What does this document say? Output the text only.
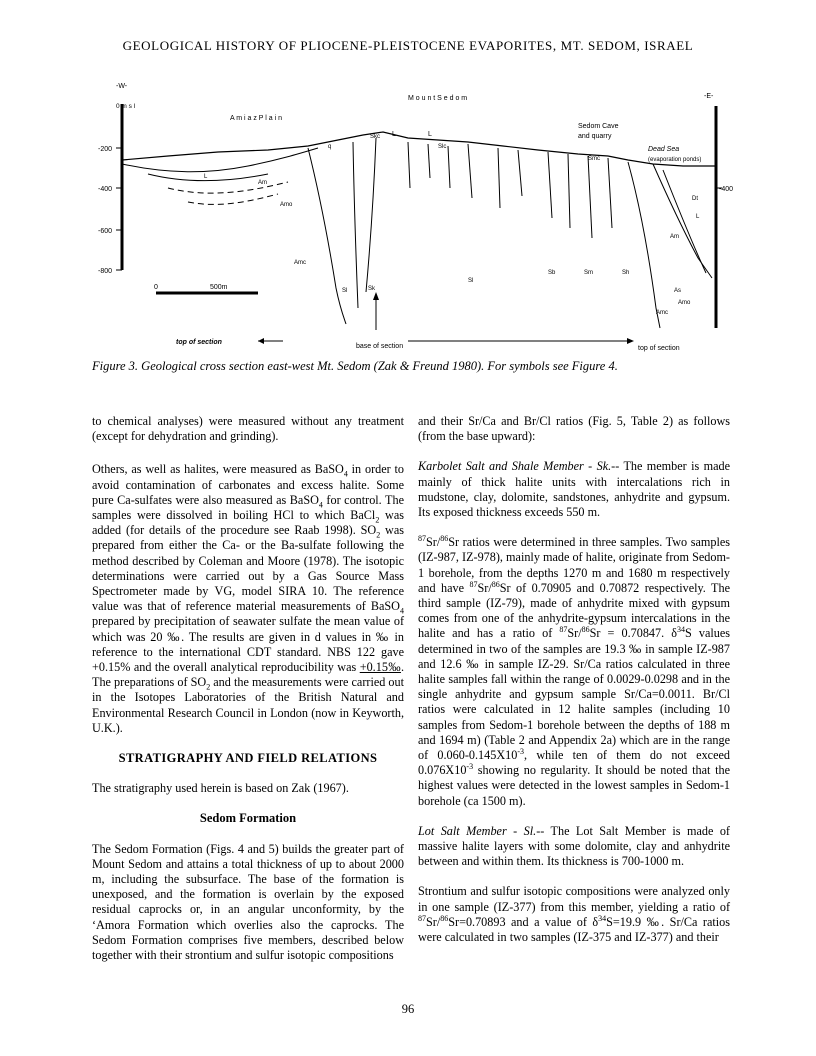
GEOLOGICAL HISTORY OF PLIOCENE-PLEISTOCENE EVAPORITES, MT. SEDOM, ISRAEL
-W-
-E-
0 m s l
M o u n t S e d o m
A m i a z P l a i n
Sedom Cave
and quarry
Dead Sea
(evaporation ponds)
-200
-400
-600
-800
-400
0	500m
top of section
base of section	top of section
Skc L	L
q	Slc
Smc
L
Am
Amo
Amc
Sl	Sk
Sl
Sb	Sm	Sh
Dt
L
Am
As
Amo
Amc
Figure 3. Geological cross section east-west Mt. Sedom (Zak & Freund 1980). For symbols see Figure 4.

to chemical analyses) were measured without any treatment (except for dehydration and grinding).

Others, as well as halites, were measured as BaSO$_4$ in order to avoid contamination of carbonates and excess halite. Some pure Ca-sulfates were also measured as BaSO$_4$ for control. The samples were dissolved in boiling HCl to which BaCl$_2$ was added (for details of the procedure see Raab 1998). $SO_2$ was prepared from either the Ca- or the Ba-sulfate following the method described by Coleman and Moore (1978). The isotopic determinations were carried out by a Gas Source Mass Spectrometer made by VG, model SIRA 10. The reference value was that of reference material measurements of BaSO$_4$ prepared by precipitation of seawater sulfate the mean value of which was 20 ‰. The results are given in d values in ‰ in reference to the international CDT standard. NBS 122 gave +0.15% and the overall analytical reproducibility was +0.15‰. The preparations of $SO_2$ and the measurements were carried out in the Isotopes Laboratories of the British Natural and Environmental Research Council in London (now in Keyworth, U.K.).

STRATIGRAPHY AND FIELD RELATIONS

The stratigraphy used herein is based on Zak (1967).

Sedom Formation

The Sedom Formation (Figs. 4 and 5) builds the greater part of Mount Sedom and attains a total thickness of up to about 2000 m, including the subsurface. The base of the formation is unexposed, and the formation is overlain by the exposed residual caprocks or, in an angular unconformity, by the ‘Amora Formation which overlies also the caprocks. The Sedom Formation comprises five members, described below together with their strontium and sulfur isotopic compositions

and their Sr/Ca and Br/Cl ratios (Fig. 5, Table 2) as follows (from the base upward):

Karbolet Salt and Shale Member - Sk.-- The member is made mainly of thick halite units with intercalations rich in mudstone, clay, dolomite, sandstones, anhydrite and gypsum. Its exposed thickness exceeds 550 m.

$^{87}$Sr/$^{86}$Sr ratios were determined in three samples. Two samples (IZ-987, IZ-978), mainly made of halite, originate from Sedom-1 borehole, from the depths 1270 m and 1680 m respectively and have $^{87}$Sr/$^{86}$Sr of 0.70905 and 0.70872 respectively. The third sample (IZ-79), made of anhydrite mixed with gypsum comes from one of the anhydrite-gypsum intercalations in the halite and has a ratio of $^{87}$Sr/$^{86}$Sr = 0.70847. $\delta^{34}S$ values determined in two of the samples are 19.3 ‰ in sample IZ-987 and 12.6 ‰ in sample IZ-29. Sr/Ca ratios calculated in three halite samples fall within the range of 0.0029-0.0298 and in the single anhydrite and gypsum sample Sr/Ca=0.0011. Br/Cl ratios were calculated in 12 halite samples (including 10 samples from Sedom-1 borehole between the depths of 188 m and 1694 m) (Table 2 and Appendix 2a) which are in the range of $0.060-0.145X10^{-3}$, while ten of them do not exceed $0.076X10^{-3}$ showing no regularity. It should be noted that the highest values were detected in the lowest samples in Sedom-1 borehole (ca 1500 m).

Lot Salt Member - Sl.-- The Lot Salt Member is made of massive halite layers with some dolomite, clay and anhydrite between and within them. Its thickness is 700-1000 m.

Strontium and sulfur isotopic compositions were analyzed only in one sample (IZ-377) from this member, yielding a ratio of $^{87}$Sr/$^{86}$Sr=0.70893 and a value of $\delta^{34}S=19.9$ ‰. Sr/Ca ratios were calculated in two samples (IZ-375 and IZ-377) and their

96
